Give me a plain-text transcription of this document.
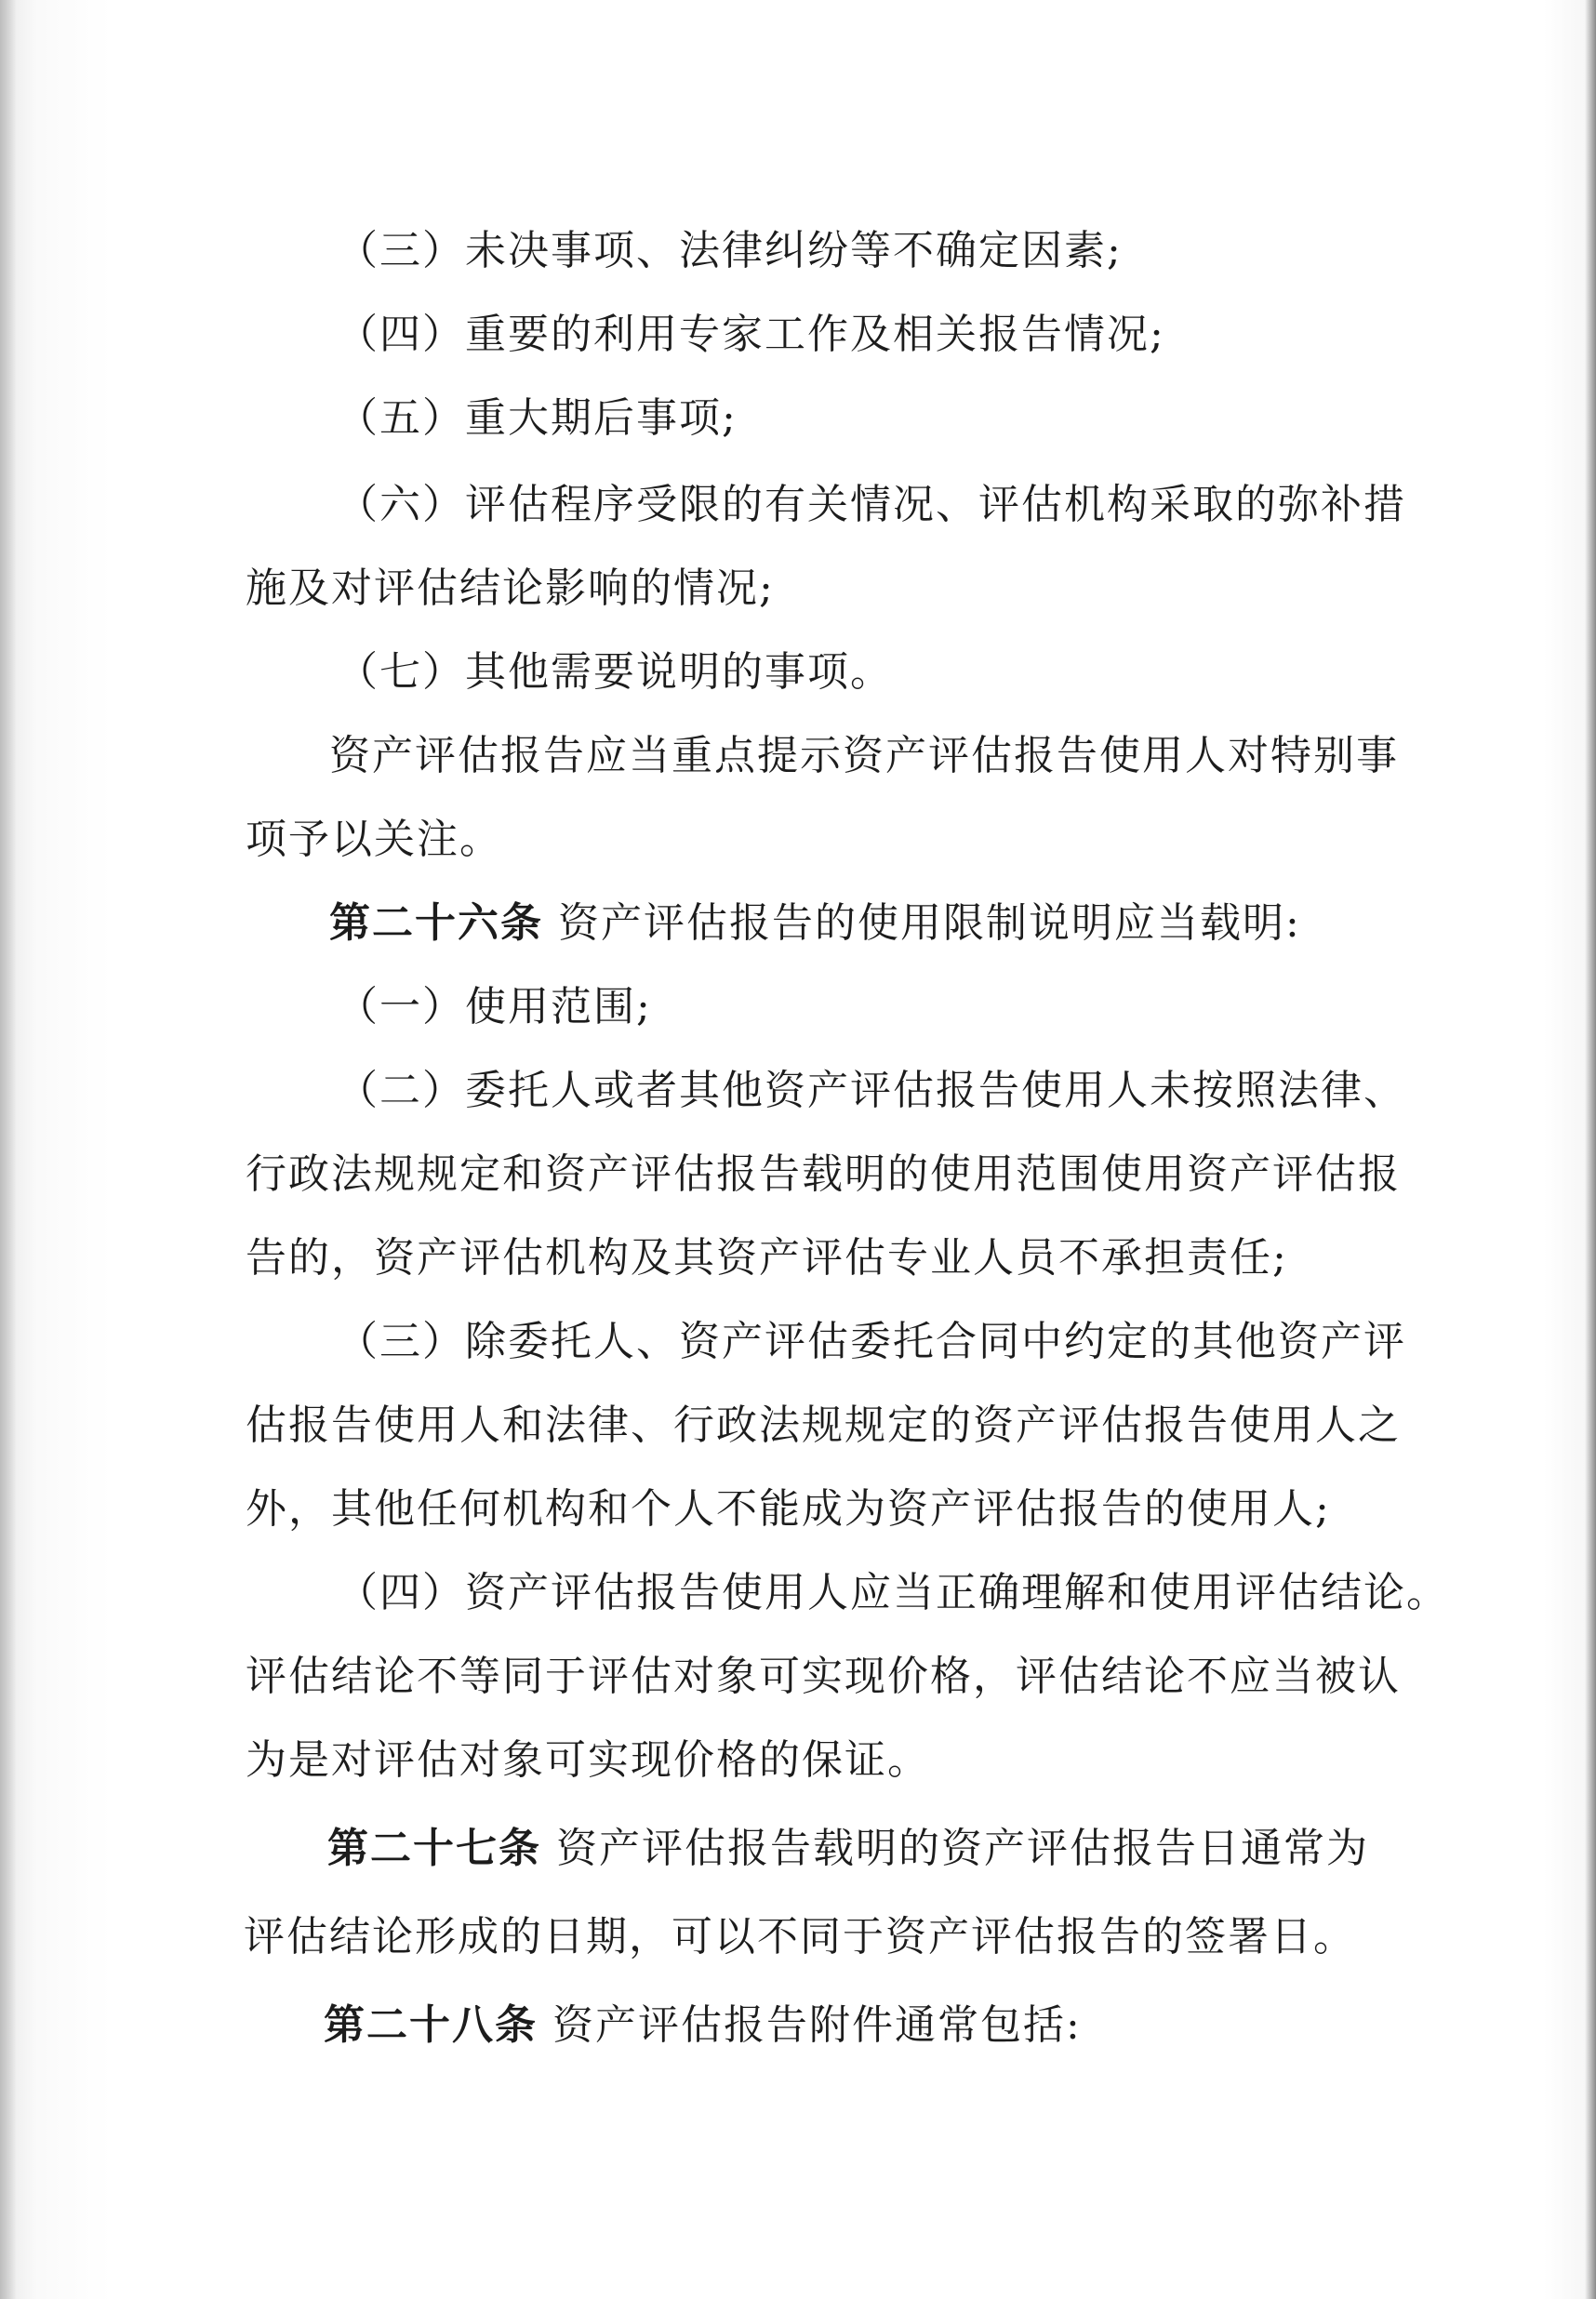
（三）未决事项、法律纠纷等不确定因素;
（四）重要的利用专家工作及相关报告情况;
（五）重大期后事项;
（六）评估程序受限的有关情况、评估机构采取的弥补措
施及对评估结论影响的情况;
（七）其他需要说明的事项。
资产评估报告应当重点提示资产评估报告使用人对特别事
项予以关注。
第二十六条 资产评估报告的使用限制说明应当载明:
（一）使用范围;
（二）委托人或者其他资产评估报告使用人未按照法律、
行政法规规定和资产评估报告载明的使用范围使用资产评估报
告的，资产评估机构及其资产评估专业人员不承担责任;
（三）除委托人、资产评估委托合同中约定的其他资产评
估报告使用人和法律、行政法规规定的资产评估报告使用人之
外，其他任何机构和个人不能成为资产评估报告的使用人;
（四）资产评估报告使用人应当正确理解和使用评估结论。
评估结论不等同于评估对象可实现价格，评估结论不应当被认
为是对评估对象可实现价格的保证。
第二十七条 资产评估报告载明的资产评估报告日通常为
评估结论形成的日期，可以不同于资产评估报告的签署日。
第二十八条 资产评估报告附件通常包括:
